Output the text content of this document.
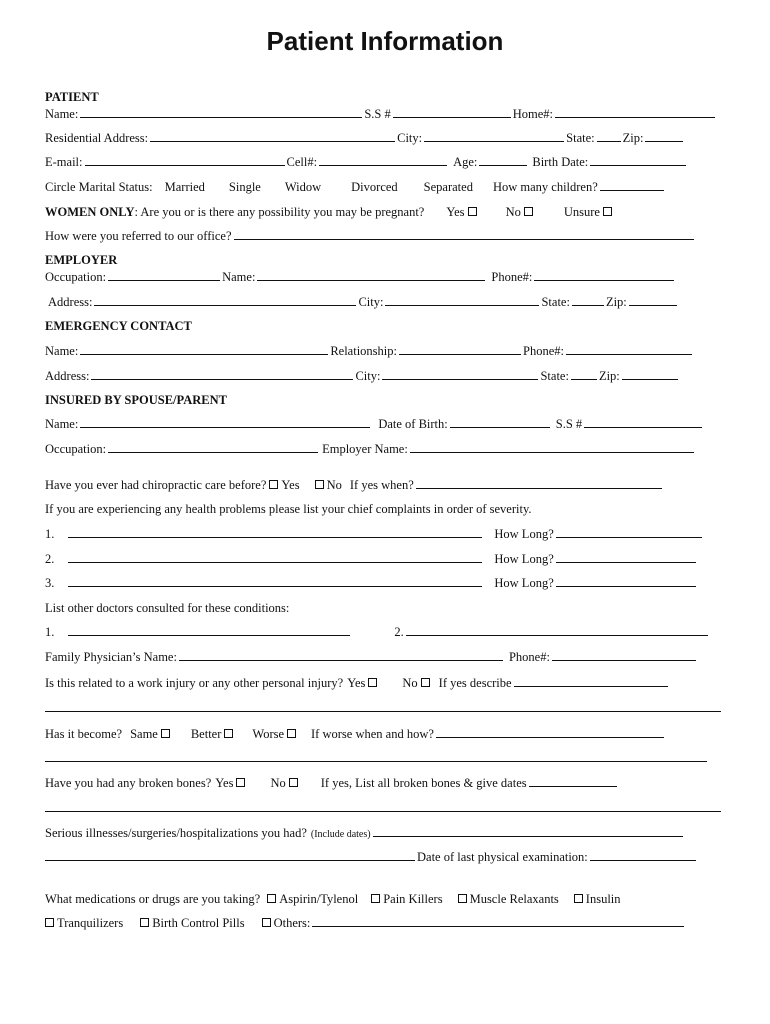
Patient Information
PATIENT
Name:	S.S #	Home#:
Residential Address:	City:	State: Zip:
E-mail:	Cell#:	Age:	Birth Date:
Circle Marital Status: Married Single Widow Divorced Separated How many children?
WOMEN ONLY: Are you or is there any possibility you may be pregnant? Yes	No	Unsure
How were you referred to our office?
EMPLOYER
Occupation:	Name:	Phone#:
Address:	City:	State:	Zip:
EMERGENCY CONTACT
Name:	Relationship:	Phone#:
Address:	City:	State: Zip:
INSURED BY SPOUSE/PARENT
Name:	Date of Birth:	S.S #
Occupation:	Employer Name:
Have you ever had chiropractic care before? Yes No If yes when?
If you are experiencing any health problems please list your chief complaints in order of severity.
1.	How Long?
2.	How Long?
3.	How Long?
List other doctors consulted for these conditions:
1.	2.
Family Physician’s Name:	Phone#:
Is this related to a work injury or any other personal injury? Yes	No If yes describe
Has it become? Same	Better Worse If worse when and how?
Have you had any broken bones? Yes	No	If yes, List all broken bones & give dates
Serious illnesses/surgeries/hospitalizations you had? (Include dates)
Date of last physical examination:
What medications or drugs are you taking? Aspirin/Tylenol Pain Killers Muscle Relaxants Insulin
Tranquilizers Birth Control Pills Others:
